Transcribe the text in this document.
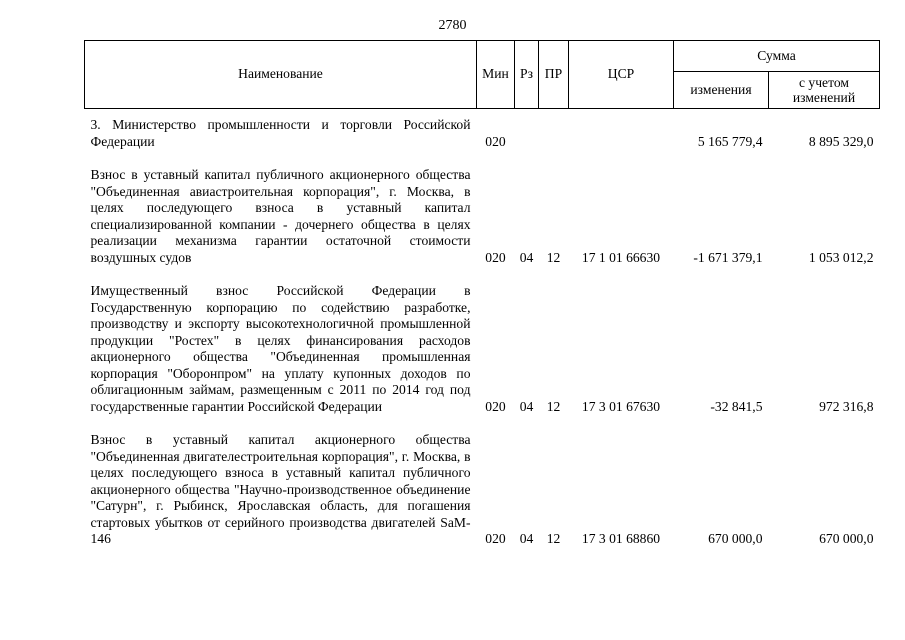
2780
Наименование	Мин	Рз	ПР	ЦСР	Сумма	
					изменения	с учетом изменений

3. Министерство промышленности и торговли Российской Федерации	020				5 165 779,4	8 895 329,0

Взнос в уставный капитал публичного акционерного общества "Объединенная авиастроительная корпорация", г. Москва, в целях последующего взноса в уставный капитал специализированной компании - дочернего общества в целях реализации механизма гарантии остаточной стоимости воздушных судов	020	04	12	17 1 01 66630	-1 671 379,1	1 053 012,2

Имущественный взнос Российской Федерации в Государственную корпорацию по содействию разработке, производству и экспорту высокотехнологичной промышленной продукции "Ростех" в целях финансирования расходов акционерного общества "Объединенная промышленная корпорация "Оборонпром" на уплату купонных доходов по облигационным займам, размещенным с 2011 по 2014 год под государственные гарантии Российской Федерации	020	04	12	17 3 01 67630	-32 841,5	972 316,8

Взнос в уставный капитал акционерного общества "Объединенная двигателестроительная корпорация", г. Москва, в целях последующего взноса в уставный капитал публичного акционерного общества "Научно-производственное объединение "Сатурн", г. Рыбинск, Ярославская область, для погашения стартовых убытков от серийного производства двигателей SaM-146	020	04	12	17 3 01 68860	670 000,0	670 000,0
